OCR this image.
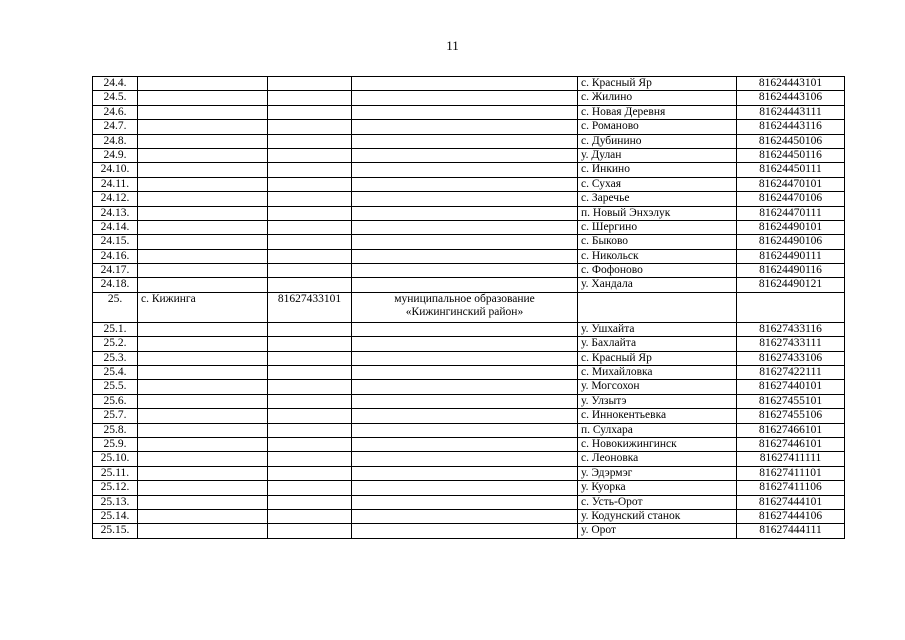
11
24.4.				с. Красный Яр	81624443101
24.5.				с. Жилино	81624443106
24.6.				с. Новая Деревня	81624443111
24.7.				с. Романово	81624443116
24.8.				с. Дубинино	81624450106
24.9.				у. Дулан	81624450116
24.10.				с. Инкино	81624450111
24.11.				с. Сухая	81624470101
24.12.				с. Заречье	81624470106
24.13.				п. Новый Энхэлук	81624470111
24.14.				с. Шергино	81624490101
24.15.				с. Быково	81624490106
24.16.				с. Никольск	81624490111
24.17.				с. Фофоново	81624490116
24.18.				у. Хандала	81624490121
25.	с. Кижинга	81627433101	муниципальное образование «Кижингинский район»		
25.1.				у. Ушхайта	81627433116
25.2.				у. Бахлайта	81627433111
25.3.				с. Красный Яр	81627433106
25.4.				с. Михайловка	81627422111
25.5.				у. Могсохон	81627440101
25.6.				у. Улзытэ	81627455101
25.7.				с. Иннокентьевка	81627455106
25.8.				п. Сулхара	81627466101
25.9.				с. Новокижингинск	81627446101
25.10.				с. Леоновка	81627411111
25.11.				у. Эдэрмэг	81627411101
25.12.				у. Куорка	81627411106
25.13.				с. Усть-Орот	81627444101
25.14.				у. Кодунский станок	81627444106
25.15.				у. Орот	81627444111
